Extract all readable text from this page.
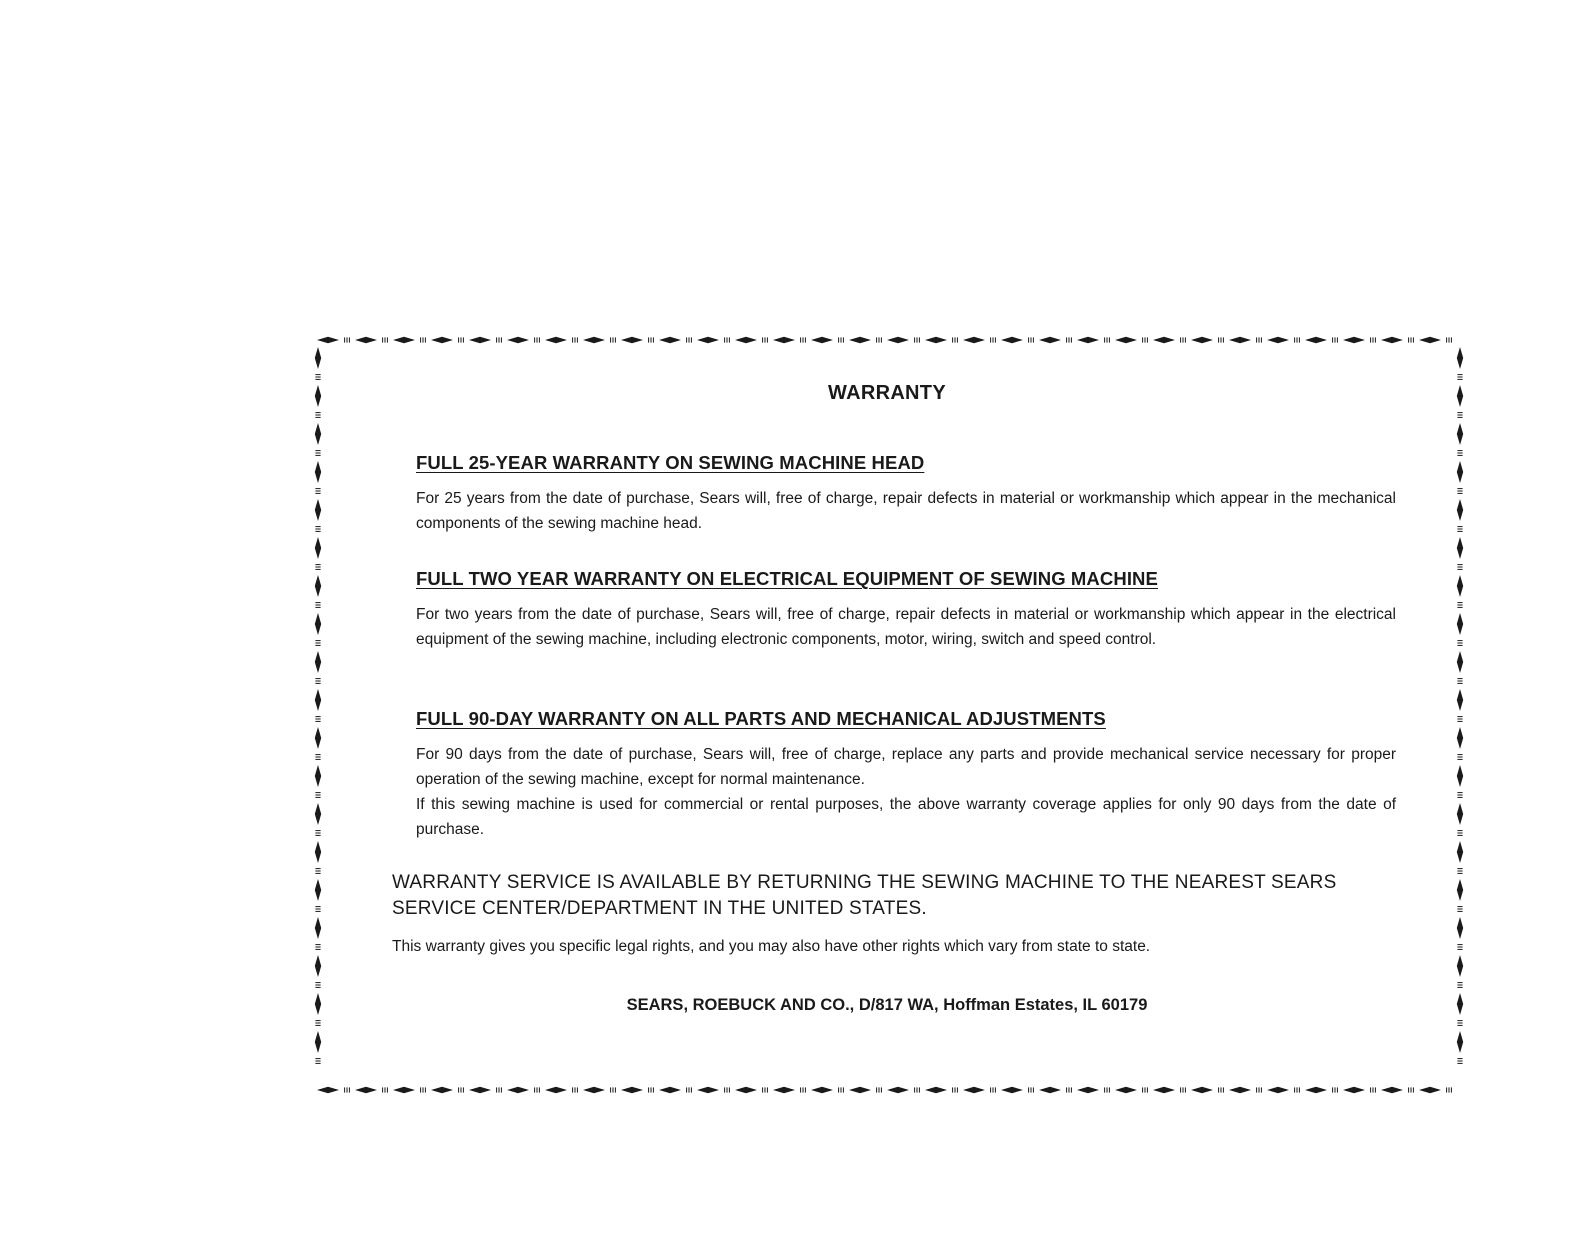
WARRANTY
FULL 25-YEAR WARRANTY ON SEWING MACHINE HEAD

For 25 years from the date of purchase, Sears will, free of charge, repair defects in material or workmanship which appear in the mechanical components of the sewing machine head.

FULL TWO YEAR WARRANTY ON ELECTRICAL EQUIPMENT OF SEWING MACHINE

For two years from the date of purchase, Sears will, free of charge, repair defects in material or workmanship which appear in the electrical equipment of the sewing machine, including electronic components, motor, wiring, switch and speed control.

FULL 90-DAY WARRANTY ON ALL PARTS AND MECHANICAL ADJUSTMENTS

For 90 days from the date of purchase, Sears will, free of charge, replace any parts and provide mechanical service necessary for proper operation of the sewing machine, except for normal maintenance.

If this sewing machine is used for commercial or rental purposes, the above warranty coverage applies for only 90 days from the date of purchase.

WARRANTY SERVICE IS AVAILABLE BY RETURNING THE SEWING MACHINE TO THE NEAREST SEARS SERVICE CENTER/DEPARTMENT IN THE UNITED STATES.
This warranty gives you specific legal rights, and you may also have other rights which vary from state to state.
SEARS, ROEBUCK AND CO., D/817 WA, Hoffman Estates, IL 60179
